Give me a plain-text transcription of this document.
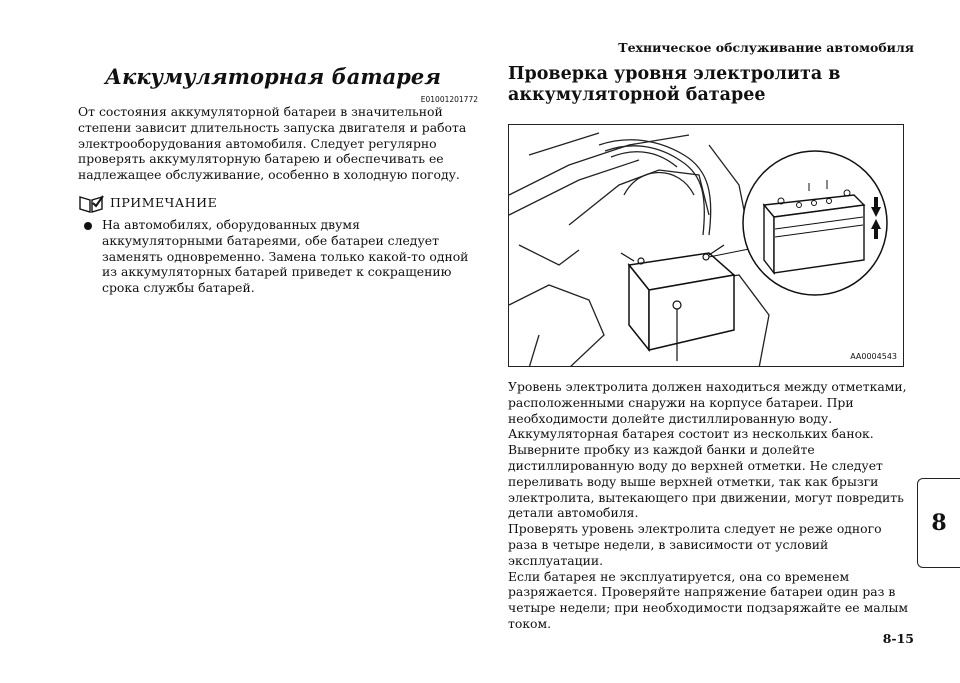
Техническое обслуживание автомобиля
Аккумуляторная батарея
E01001201772

От состояния аккумуляторной батареи в значительной степени зависит длительность запуска двигателя и работа электрооборудования автомобиля. Следует регулярно проверять аккумуляторную батарею и обеспечивать ее надлежащее обслуживание, особенно в холодную погоду.

ПРИМЕЧАНИЕ
На автомобилях, оборудованных двумя аккумуляторными батареями, обе батареи следует заменять одновременно. Замена только какой-то одной из аккумуляторных батарей приведет к сокращению срока службы батарей.
Проверка уровня электролита в аккумуляторной батарее
AA0004543

Уровень электролита должен находиться между отметками, расположенными снаружи на корпусе батареи. При необходимости долейте дистиллированную воду.

Аккумуляторная батарея состоит из нескольких банок. Выверните пробку из каждой банки и долейте дистиллированную воду до верхней отметки. Не следует переливать воду выше верхней отметки, так как брызги электролита, вытекающего при движении, могут повредить детали автомобиля.

Проверять уровень электролита следует не реже одного раза в четыре недели, в зависимости от условий эксплуатации.

Если батарея не эксплуатируется, она со временем разряжается. Проверяйте напряжение батареи один раз в четыре недели; при необходимости подзаряжайте ее малым током.

8
8-15
